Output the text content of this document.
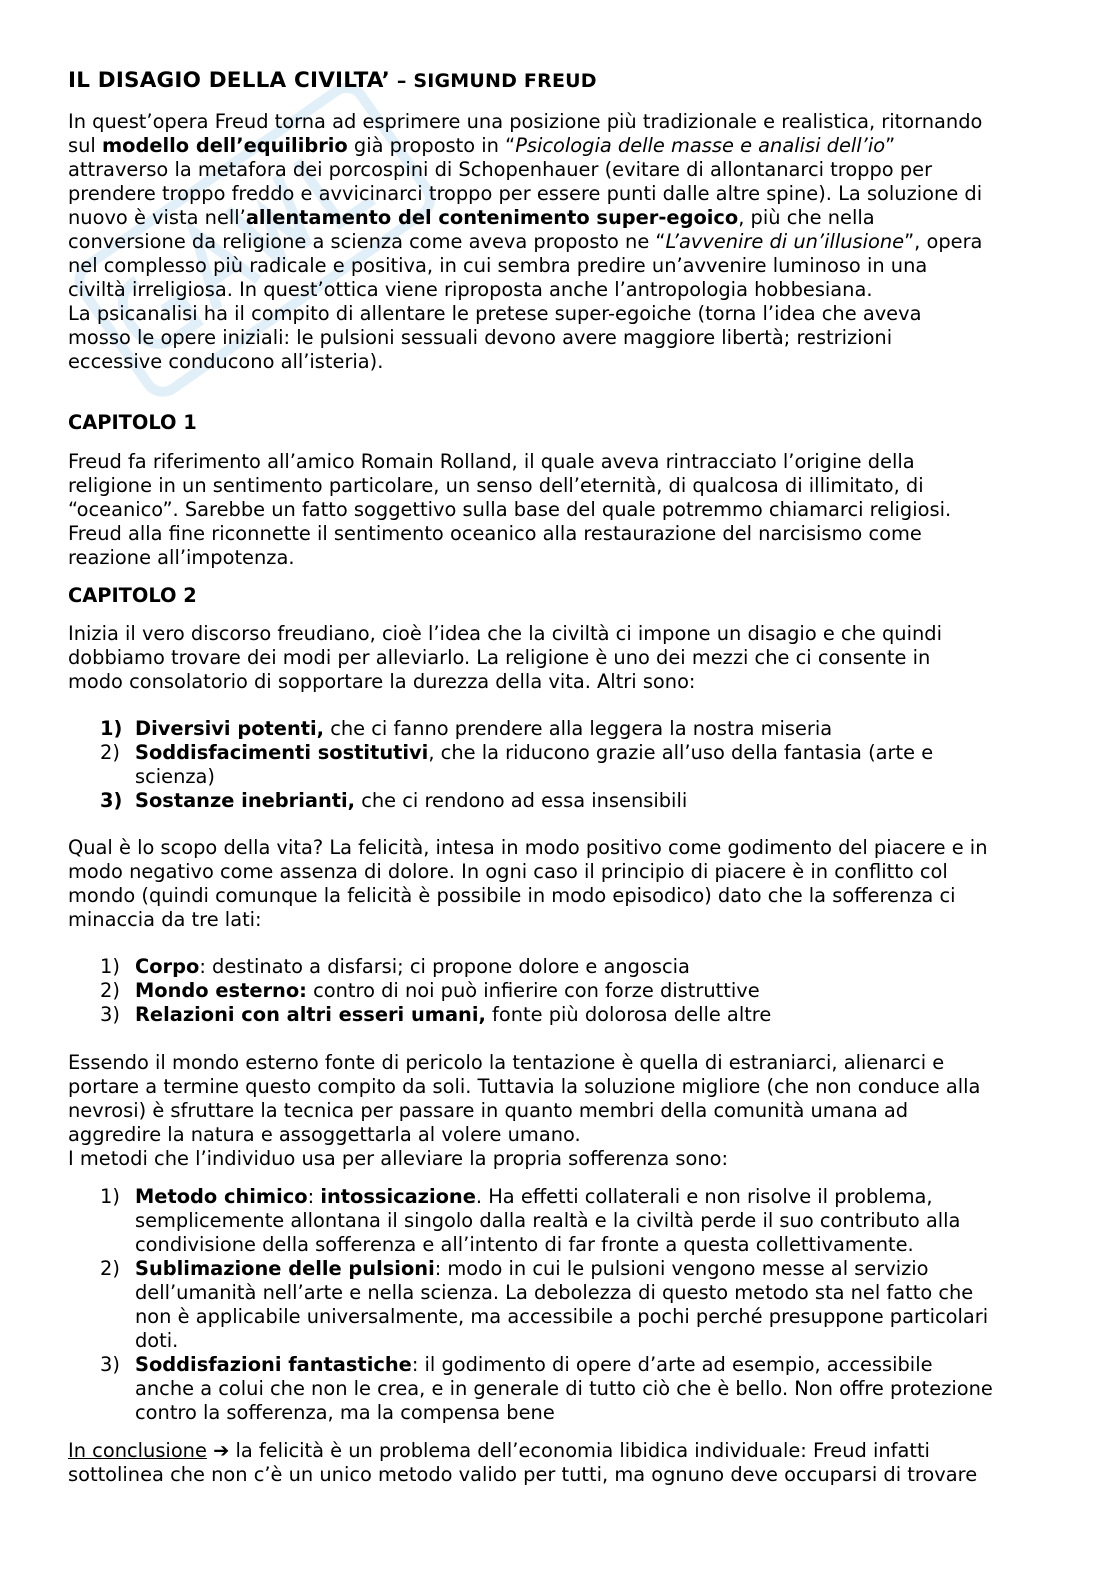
IL DISAGIO DELLA CIVILTA’ – SIGMUND FREUD

In quest’opera Freud torna ad esprimere una posizione più tradizionale e realistica, ritornando
sul modello dell’equilibrio già proposto in “Psicologia delle masse e analisi dell’io”
attraverso la metafora dei porcospini di Schopenhauer (evitare di allontanarci troppo per
prendere troppo freddo e avvicinarci troppo per essere punti dalle altre spine). La soluzione di
nuovo è vista nell’allentamento del contenimento super-egoico, più che nella
conversione da religione a scienza come aveva proposto ne “L’avvenire di un’illusione”, opera
nel complesso più radicale e positiva, in cui sembra predire un’avvenire luminoso in una
civiltà irreligiosa. In quest’ottica viene riproposta anche l’antropologia hobbesiana.
La psicanalisi ha il compito di allentare le pretese super-egoiche (torna l’idea che aveva
mosso le opere iniziali: le pulsioni sessuali devono avere maggiore libertà; restrizioni
eccessive conducono all’isteria).

CAPITOLO 1

Freud fa riferimento all’amico Romain Rolland, il quale aveva rintracciato l’origine della
religione in un sentimento particolare, un senso dell’eternità, di qualcosa di illimitato, di
“oceanico”. Sarebbe un fatto soggettivo sulla base del quale potremmo chiamarci religiosi.
Freud alla fine riconnette il sentimento oceanico alla restaurazione del narcisismo come
reazione all’impotenza.

CAPITOLO 2

Inizia il vero discorso freudiano, cioè l’idea che la civiltà ci impone un disagio e che quindi
dobbiamo trovare dei modi per alleviarlo. La religione è uno dei mezzi che ci consente in
modo consolatorio di sopportare la durezza della vita. Altri sono:

1) Diversivi potenti, che ci fanno prendere alla leggera la nostra miseria
2) Soddisfacimenti sostitutivi, che la riducono grazie all’uso della fantasia (arte e
scienza)
3) Sostanze inebrianti, che ci rendono ad essa insensibili

Qual è lo scopo della vita? La felicità, intesa in modo positivo come godimento del piacere e in
modo negativo come assenza di dolore. In ogni caso il principio di piacere è in conflitto col
mondo (quindi comunque la felicità è possibile in modo episodico) dato che la sofferenza ci
minaccia da tre lati:

1) Corpo: destinato a disfarsi; ci propone dolore e angoscia
2) Mondo esterno: contro di noi può infierire con forze distruttive
3) Relazioni con altri esseri umani, fonte più dolorosa delle altre

Essendo il mondo esterno fonte di pericolo la tentazione è quella di estraniarci, alienarci e
portare a termine questo compito da soli. Tuttavia la soluzione migliore (che non conduce alla
nevrosi) è sfruttare la tecnica per passare in quanto membri della comunità umana ad
aggredire la natura e assoggettarla al volere umano.
I metodi che l’individuo usa per alleviare la propria sofferenza sono:

1) Metodo chimico: intossicazione. Ha effetti collaterali e non risolve il problema,
semplicemente allontana il singolo dalla realtà e la civiltà perde il suo contributo alla
condivisione della sofferenza e all’intento di far fronte a questa collettivamente.
2) Sublimazione delle pulsioni: modo in cui le pulsioni vengono messe al servizio
dell’umanità nell’arte e nella scienza. La debolezza di questo metodo sta nel fatto che
non è applicabile universalmente, ma accessibile a pochi perché presuppone particolari
doti.
3) Soddisfazioni fantastiche: il godimento di opere d’arte ad esempio, accessibile
anche a colui che non le crea, e in generale di tutto ciò che è bello. Non offre protezione
contro la sofferenza, ma la compensa bene

In conclusione ➔ la felicità è un problema dell’economia libidica individuale: Freud infatti
sottolinea che non c’è un unico metodo valido per tutti, ma ognuno deve occuparsi di trovare
